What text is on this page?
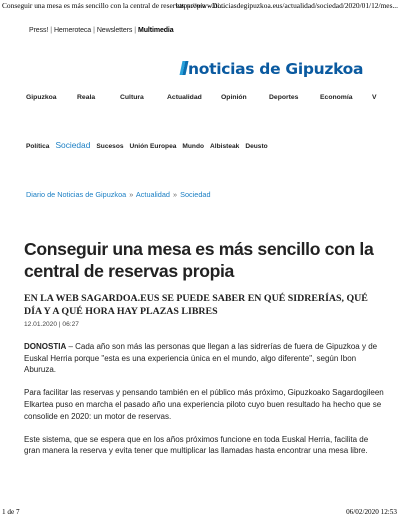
Conseguir una mesa es más sencillo con la central de reservas propia - Di...
https://www.noticiasdegipuzkoa.eus/actualidad/sociedad/2020/01/12/mes...
Press! | Hemeroteca | Newsletters | Multimedia
noticias de Gipuzkoa
Gipuzkoa	Reala	Cultura	Actualidad	Opinión	Deportes	Economía	V
Política Sociedad Sucesos Unión Europea Mundo Albisteak Deusto
Diario de Noticias de Gipuzkoa » Actualidad » Sociedad
Conseguir una mesa es más sencillo con la central de reservas propia
EN LA WEB SAGARDOA.EUS SE PUEDE SABER EN QUÉ SIDRERÍAS, QUÉ DÍA Y A QUÉ HORA HAY PLAZAS LIBRES
12.01.2020 | 06:27

DONOSTIA – Cada año son más las personas que llegan a las sidrerías de fuera de Gipuzkoa y de Euskal Herria porque "esta es una experiencia única en el mundo, algo diferente", según Ibon Aburuza.

Para facilitar las reservas y pensando también en el público más próximo, Gipuzkoako Sagardogileen Elkartea puso en marcha el pasado año una experiencia piloto cuyo buen resultado ha hecho que se consolide en 2020: un motor de reservas.

Este sistema, que se espera que en los años próximos funcione en toda Euskal Herria, facilita de gran manera la reserva y evita tener que multiplicar las llamadas hasta encontrar una mesa libre.

1 de 7	06/02/2020 12:53
